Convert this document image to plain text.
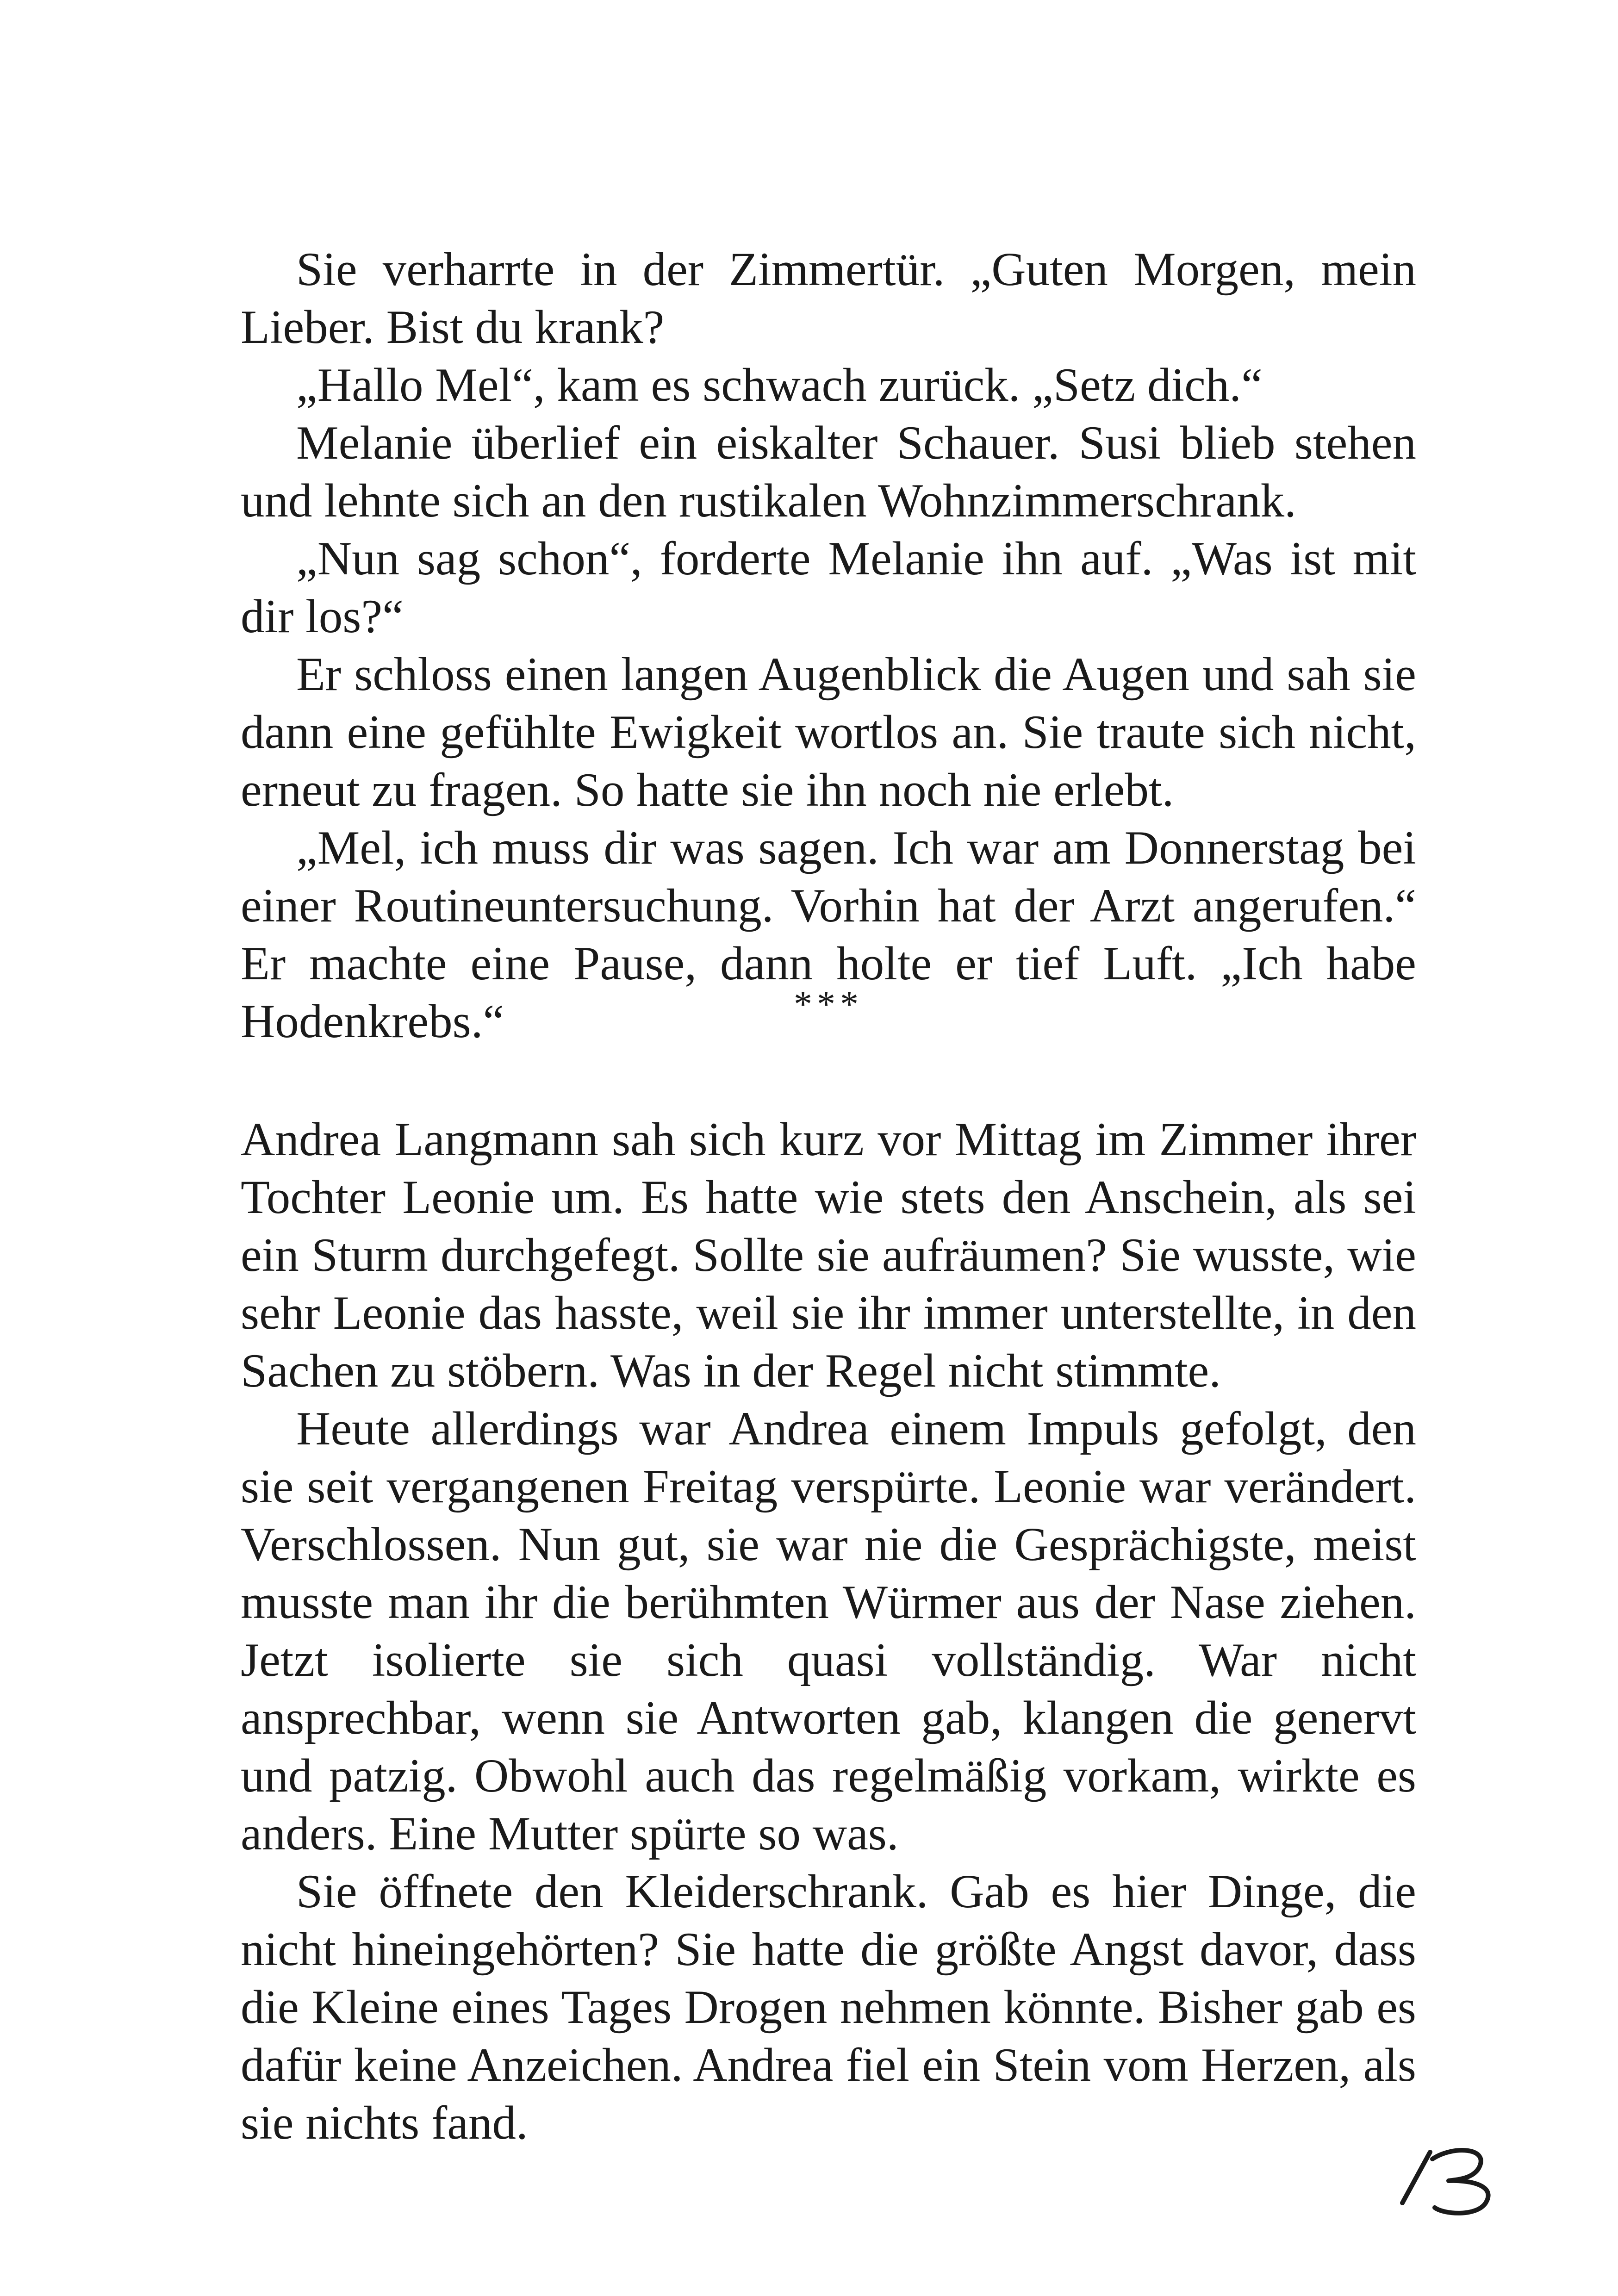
Sie verharrte in der Zimmertür. „Guten Morgen, mein Lieber. Bist du krank?

„Hallo Mel“, kam es schwach zurück. „Setz dich.“

Melanie überlief ein eiskalter Schauer. Susi blieb stehen und lehnte sich an den rustikalen Wohnzimmerschrank.

„Nun sag schon“, forderte Melanie ihn auf. „Was ist mit dir los?“

Er schloss einen langen Augenblick die Augen und sah sie dann eine gefühlte Ewigkeit wortlos an. Sie traute sich nicht, erneut zu fragen. So hatte sie ihn noch nie erlebt.

„Mel, ich muss dir was sagen. Ich war am Donnerstag bei einer Routineuntersuchung. Vorhin hat der Arzt angerufen.“ Er machte eine Pause, dann holte er tief Luft. „Ich habe Hodenkrebs.“	***

Andrea Langmann sah sich kurz vor Mittag im Zimmer ihrer Tochter Leonie um. Es hatte wie stets den Anschein, als sei ein Sturm durchgefegt. Sollte sie aufräumen? Sie wusste, wie sehr Leonie das hasste, weil sie ihr immer unterstellte, in den Sachen zu stöbern. Was in der Regel nicht stimmte.

Heute allerdings war Andrea einem Impuls gefolgt, den sie seit vergangenen Freitag verspürte. Leonie war verändert. Verschlossen. Nun gut, sie war nie die Gesprächigste, meist musste man ihr die berühmten Würmer aus der Nase ziehen. Jetzt isolierte sie sich quasi vollständig. War nicht ansprechbar, wenn sie Antworten gab, klangen die genervt und patzig. Obwohl auch das regelmäßig vorkam, wirkte es anders. Eine Mutter spürte so was.

Sie öffnete den Kleiderschrank. Gab es hier Dinge, die nicht hineingehörten? Sie hatte die größte Angst davor, dass die Kleine eines Tages Drogen nehmen könnte. Bisher gab es dafür keine Anzeichen. Andrea fiel ein Stein vom Herzen, als sie nichts fand.
